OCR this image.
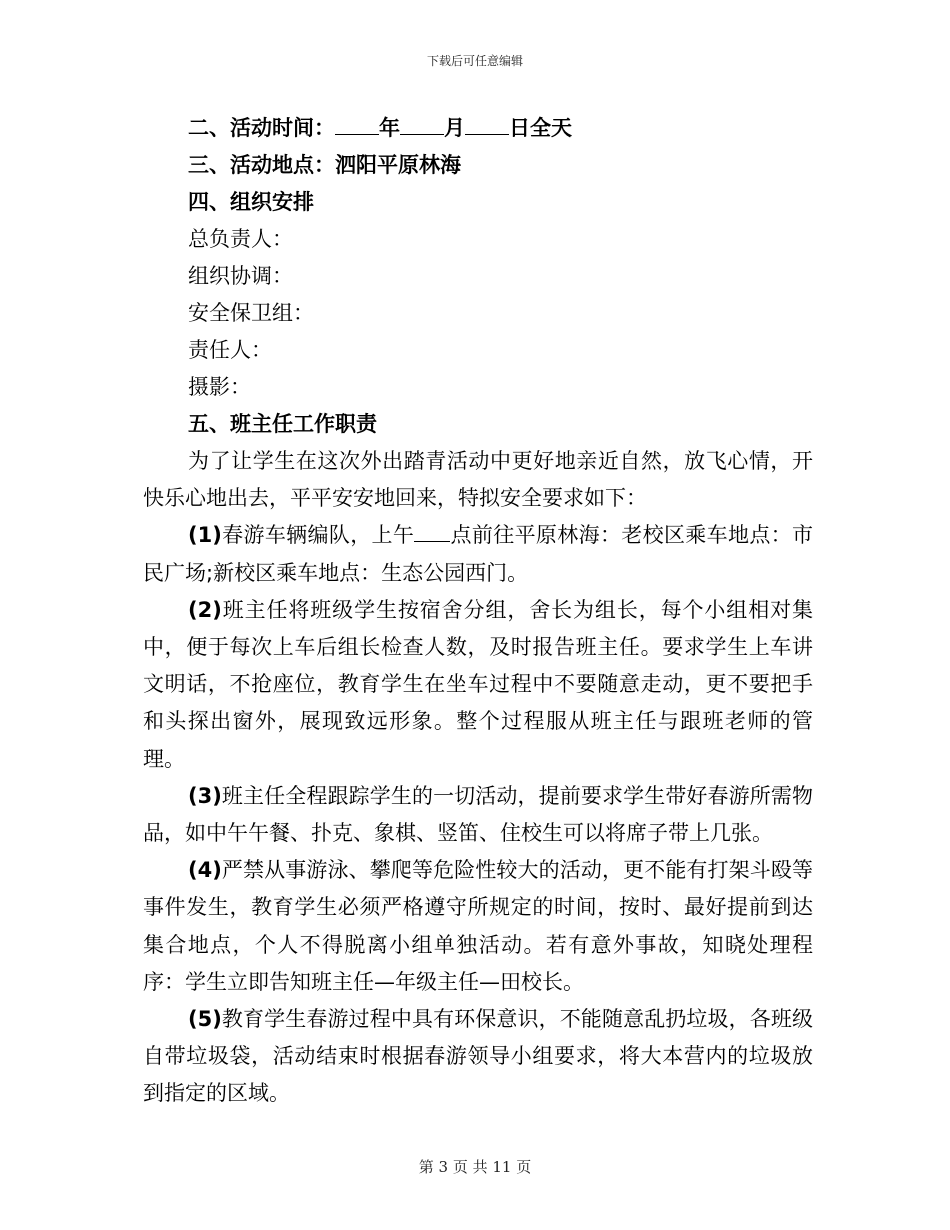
下载后可任意编辑
二、活动时间： 年 月 日全天
三、活动地点：泗阳平原林海
四、组织安排
总负责人：
组织协调：
安全保卫组：
责任人：
摄影：
五、班主任工作职责

为了让学生在这次外出踏青活动中更好地亲近自然，放飞心情，开快乐心地出去，平平安安地回来，特拟安全要求如下：

(1)春游车辆编队，上午 点前往平原林海：老校区乘车地点：市民广场;新校区乘车地点：生态公园西门。

(2)班主任将班级学生按宿舍分组，舍长为组长，每个小组相对集中，便于每次上车后组长检查人数，及时报告班主任。要求学生上车讲文明话，不抢座位，教育学生在坐车过程中不要随意走动，更不要把手和头探出窗外，展现致远形象。整个过程服从班主任与跟班老师的管理。

(3)班主任全程跟踪学生的一切活动，提前要求学生带好春游所需物品，如中午午餐、扑克、象棋、竖笛、住校生可以将席子带上几张。

(4)严禁从事游泳、攀爬等危险性较大的活动，更不能有打架斗殴等事件发生，教育学生必须严格遵守所规定的时间，按时、最好提前到达集合地点，个人不得脱离小组单独活动。若有意外事故，知晓处理程序：学生立即告知班主任—年级主任—田校长。

(5)教育学生春游过程中具有环保意识，不能随意乱扔垃圾，各班级自带垃圾袋，活动结束时根据春游领导小组要求，将大本营内的垃圾放到指定的区域。

第 3 页 共 11 页
